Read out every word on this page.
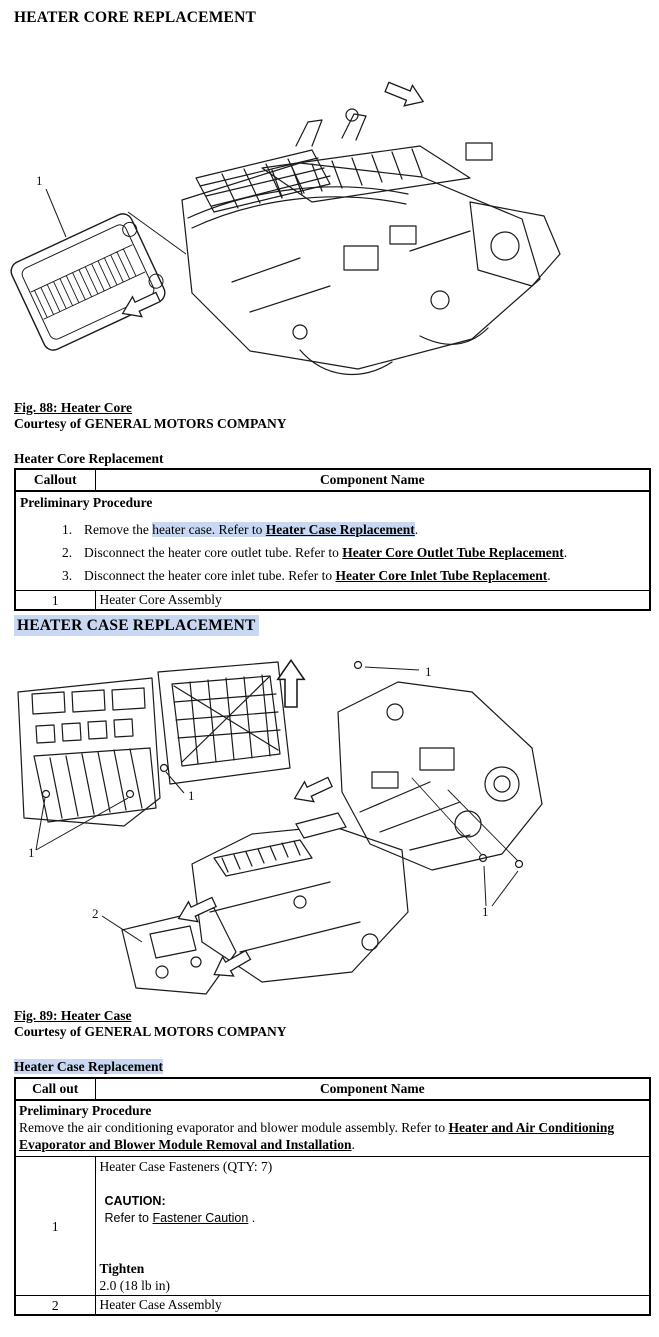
HEATER CORE REPLACEMENT
1
Fig. 88: Heater Core
Courtesy of GENERAL MOTORS COMPANY
Heater Core Replacement
Callout	Component Name

Preliminary Procedure
1. Remove the heater case. Refer to Heater Case Replacement.
2. Disconnect the heater core outlet tube. Refer to Heater Core Outlet Tube Replacement.
3. Disconnect the heater core inlet tube. Refer to Heater Core Inlet Tube Replacement.	

1	Heater Core Assembly
HEATER CASE REPLACEMENT
1
1
1
1
2
Fig. 89: Heater Case
Courtesy of GENERAL MOTORS COMPANY
Heater Case Replacement
Call out	Component Name

Preliminary Procedure
Remove the air conditioning evaporator and blower module assembly. Refer to Heater and Air Conditioning Evaporator and Blower Module Removal and Installation.	

1	Heater Case Fasteners (QTY: 7)
CAUTION:
Refer to Fastener Caution .
Tighten
2.0 (18 lb in)

2	Heater Case Assembly
